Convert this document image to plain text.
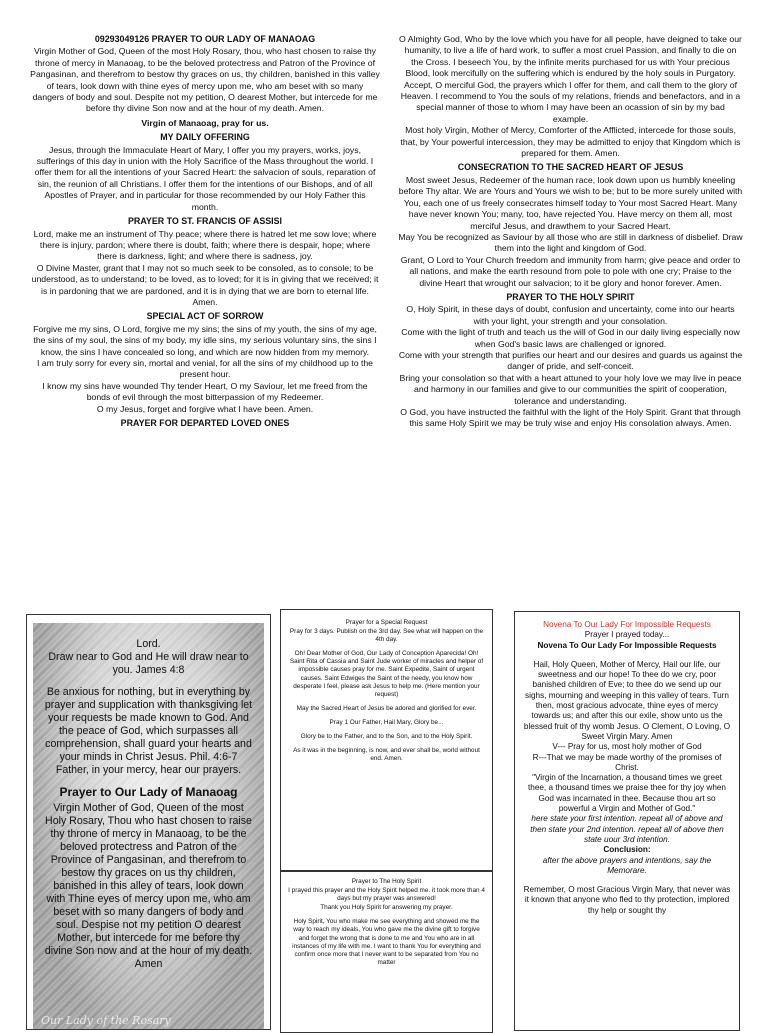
09293049126 PRAYER TO OUR LADY OF MANAOAG

Virgin Mother of God, Queen of the most Holy Rosary, thou, who hast chosen to raise thy throne of mercy in Manaoag, to be the beloved protectress and Patron of the Province of Pangasinan, and therefrom to bestow thy graces on us, thy children, banished in this valley of tears, look down with thine eyes of mercy upon me, who am beset with so many dangers of body and soul. Despite not my petition, O dearest Mother, but intercede for me before thy divine Son now and at the hour of my death. Amen.

Virgin of Manaoag, pray for us.

MY DAILY OFFERING

Jesus, through the Immaculate Heart of Mary, I offer you my prayers, works, joys, sufferings of this day in union with the Holy Sacrifice of the Mass throughout the world. I offer them for all the intentions of your Sacred Heart: the salvacion of souls, reparation of sin, the reunion of all Christians. I offer them for the intentions of our Bishops, and of all Apostles of Prayer, and in particular for those recommended by our Holy Father this month.

PRAYER TO ST. FRANCIS OF ASSISI

Lord, make me an instrument of Thy peace; where there is hatred let me sow love; where there is injury, pardon; where there is doubt, faith; where there is despair, hope; where there is darkness, light; and where there is sadness, joy.

O Divine Master, grant that I may not so much seek to be consoled, as to console; to be understood, as to understand; to be loved, as to loved; for it is in giving that we received; it is in pardoning that we are pardoned, and it is in dying that we are born to eternal life. Amen.

SPECIAL ACT OF SORROW

Forgive me my sins, O Lord, forgive me my sins; the sins of my youth, the sins of my age, the sins of my soul, the sins of my body, my idle sins, my serious voluntary sins, the sins I know, the sins I have concealed so long, and which are now hidden from my memory.

I am truly sorry for every sin, mortal and venial, for all the sins of my childhood up to the present hour.

I know my sins have wounded Thy tender Heart, O my Saviour, let me freed from the bonds of evil through the most bitterpassion of my Redeemer.

O my Jesus, forget and forgive what I have been. Amen.

PRAYER FOR DEPARTED LOVED ONES

O Almighty God, Who by the love which you have for all people, have deigned to take our humanity, to live a life of hard work, to suffer a most cruel Passion, and finally to die on the Cross. I beseech You, by the infinite merits purchased for us with Your precious Blood, look mercifully on the suffering which is endured by the holy souls in Purgatory. Accept, O merciful God, the prayers which I offer for them, and call them to the glory of Heaven. I recommend to You the souls of my relations, friends and benefactors, and in a special manner of those to whom I may have been an ocassion of sin by my bad example.

Most holy Virgin, Mother of Mercy, Comforter of the Afflicted, intercede for those souls, that, by Your powerful intercession, they may be admitted to enjoy that Kingdom which is prepared for them. Amen.

CONSECRATION TO THE SACRED HEART OF JESUS

Most sweet Jesus, Redeemer of the human race, look down upon us humbly kneeling before Thy altar. We are Yours and Yours we wish to be; but to be more surely united with You, each one of us freely consecrates himself today to Your most Sacred Heart. Many have never known You; many, too, have rejected You. Have mercy on them all, most merciful Jesus, and drawthem to your Sacred Heart.

May You be recognized as Saviour by all those who are still in darkness of disbelief. Draw them into the light and kingdom of God.

Grant, O Lord to Your Church freedom and immunity from harm; give peace and order to all nations, and make the earth resound from pole to pole with one cry; Praise to the divine Heart that wrought our salvacion; to it be glory and honor forever. Amen.

PRAYER TO THE HOLY SPIRIT

O, Holy Spirit, in these days of doubt, confusion and uncertainty, come into our hearts with your light, your strength and your consolation.

Come with the light of truth and teach us the will of God in our daily living especially now when God's basic laws are challenged or ignored.

Come with your strength that purifies our heart and our desires and guards us against the danger of pride, and self-conceit.

Bring your consolation so that with a heart attuned to your holy love we may live in peace and harmony in our families and give to our communities the spirit of cooperation, tolerance and understanding.

O God, you have instructed the faithful with the light of the Holy Spirit. Grant that through this same Holy Spirit we may be truly wise and enjoy His consolation always. Amen.

Lord.

Draw near to God and He will draw near to you. James 4:8

Be anxious for nothing, but in everything by prayer and supplication with thanksgiving let your requests be made known to God. And the peace of God, which surpasses all comprehension, shall guard your hearts and your minds in Christ Jesus. Phil. 4:6-7 Father, in your mercy, hear our prayers.

Prayer to Our Lady of Manaoag

Virgin Mother of God, Queen of the most Holy Rosary, Thou who hast chosen to raise thy throne of mercy in Manaoag, to be the beloved protectress and Patron of the Province of Pangasinan, and therefrom to bestow thy graces on us thy children, banished in this alley of tears, look down with Thine eyes of mercy upon me, who am beset with so many dangers of body and soul. Despise not my petition O dearest Mother, but intercede for me before thy divine Son now and at the hour of my death.

Amen

Our Lady of the Rosary

Prayer for a Special Request

Pray for 3 days. Publish on the 3rd day. See what will happen on the 4th day.

Oh! Dear Mother of God, Our Lady of Conception Aparecida! Oh! Saint Rita of Cassia and Saint Jude worker of miracles and helper of impossible causes pray for me. Saint Expedite, Saint of urgent causes. Saint Edwiges the Saint of the needy, you know how desperate I feel, please ask Jesus to help me. (Here mention your request)

May the Sacred Heart of Jesus be adored and glorified for ever.

Pray 1 Our Father, Hail Mary, Glory be...

Glory be to the Father, and to the Son, and to the Holy Spirit.

As it was in the beginning, is now, and ever shall be, world without end. Amen.

Prayer to The Holy Spirit

I prayed this prayer and the Holy Spirit helped me. it took more than 4 days but my prayer was answered!

Thank you Holy Spirit for answering my prayer.

Holy Spirit, You who make me see everything and showed me the way to reach my ideals, You who gave me the divine gift to forgive and forget the wrong that is done to me and You who are in all instances of my life with me. I want to thank You for everything and confirm once more that I never want to be separated from You no matter

Novena To Our Lady For Impossible Requests

Prayer I prayed today...

Novena To Our Lady For Impossible Requests

Hail, Holy Queen, Mother of Mercy, Hail our life, our sweetness and our hope! To thee do we cry, poor banished children of Eve; to thee do we send up our sighs, mourning and weeping in this valley of tears. Turn then, most gracious advocate, thine eyes of mercy towards us; and after this our exile, show unto us the blessed fruit of thy womb Jesus. O Clement, O Loving, O Sweet Virgin Mary. Amen

V--- Pray for us, most holy mother of God

R---That we may be made worthy of the promises of Christ.

"Virgin of the Incarnation, a thousand times we greet thee, a thousand times we praise thee for thy joy when God was incarnated in thee. Because thou art so powerful a Virgin and Mother of God."

here state your first intention. repeat all of above and then state your 2nd intention. repeat all of above then state uour 3rd intention.

Conclusion:

after the above prayers and intentions, say the Memorare.

Remember, O most Gracious Virgin Mary, that never was it known that anyone who fled to thy protection, implored thy help or sought thy
